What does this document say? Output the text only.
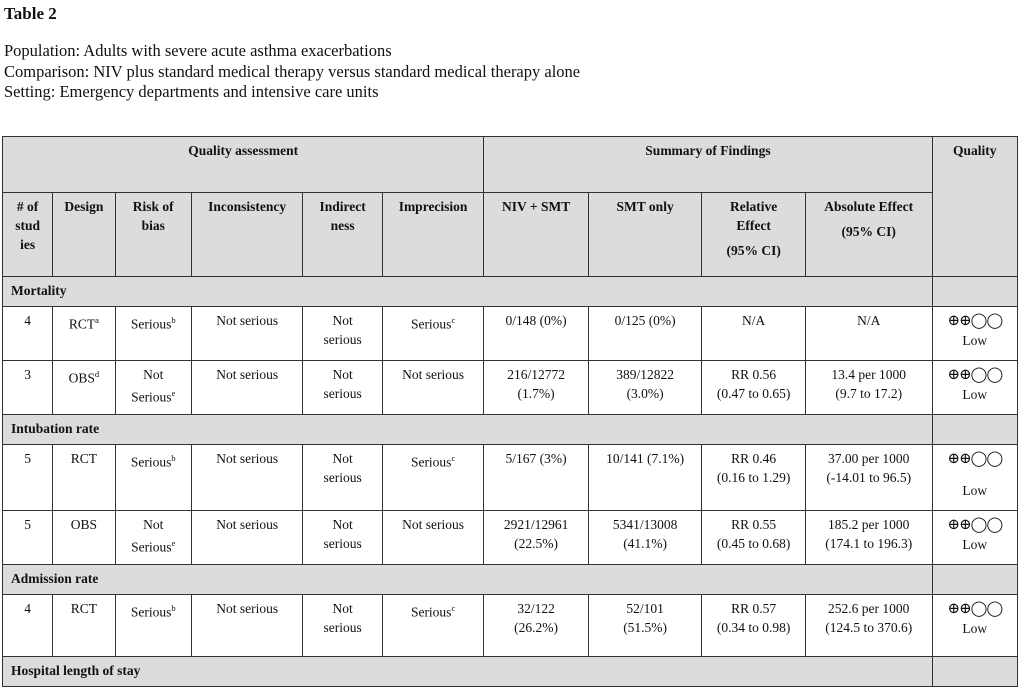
Table 2
Population: Adults with severe acute asthma exacerbations
Comparison: NIV plus standard medical therapy versus standard medical therapy alone
Setting: Emergency departments and intensive care units
Quality assessment						Summary of Findings				Quality
# of
stud
ies	Design	Risk of
bias	Inconsistency	Indirect
ness	Imprecision	NIV + SMT	SMT only	Relative
Effect

(95% CI)	Absolute Effect

(95% CI)	

Mortality										
4	RCT$^a$	Serious$^b$	Not serious	Not
serious	Serious$^c$	0/148 (0%)	0/125 (0%)	N/A	N/A	⊕⊕◯◯
Low
3	OBS$^d$	Not
Serious$^e$	Not serious	Not
serious	Not serious	216/12772
(1.7%)	389/12822
(3.0%)	RR 0.56
(0.47 to 0.65)	13.4 per 1000
(9.7 to 17.2)	⊕⊕◯◯
Low
Intubation rate										
5	RCT	Serious$^b$	Not serious	Not
serious	Serious$^c$	5/167 (3%)	10/141 (7.1%)	RR 0.46
(0.16 to 1.29)	37.00 per 1000
(-14.01 to 96.5)	⊕⊕◯◯

Low
5	OBS	Not
Serious$^e$	Not serious	Not
serious	Not serious	2921/12961
(22.5%)	5341/13008
(41.1%)	RR 0.55
(0.45 to 0.68)	185.2 per 1000
(174.1 to 196.3)	⊕⊕◯◯
Low
Admission rate										
4	RCT	Serious$^b$	Not serious	Not
serious	Serious$^c$	32/122
(26.2%)	52/101
(51.5%)	RR 0.57
(0.34 to 0.98)	252.6 per 1000
(124.5 to 370.6)	⊕⊕◯◯
Low
Hospital length of stay										
